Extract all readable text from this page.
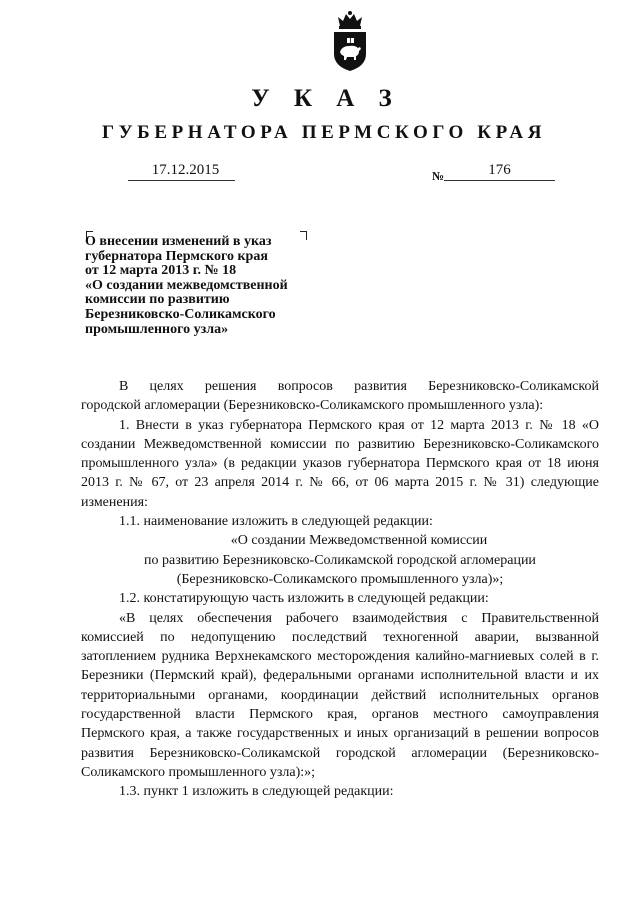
У К А З
ГУБЕРНАТОРА ПЕРМСКОГО КРАЯ
17.12.2015	№	176
О внесении изменений в указ
губернатора Пермского края
от 12 марта 2013 г. № 18
«О создании межведомственной
комиссии по развитию
Березниковско-Соликамского
промышленного узла»
В целях решения вопросов развития Березниковско-Соликамской
городской агломерации (Березниковско-Соликамского промышленного узла):
1. Внести в указ губернатора Пермского края от 12 марта 2013 г. № 18 «О создании Межведомственной комиссии по развитию Березниковско-Соликамского промышленного узла» (в редакции указов губернатора Пермского края от 18 июня 2013 г. № 67, от 23 апреля 2014 г. № 66, от 06 марта 2015 г. № 31) следующие изменения:
1.1. наименование изложить в следующей редакции:
«О создании Межведомственной комиссии
по развитию Березниковско-Соликамской городской агломерации
(Березниковско-Соликамского промышленного узла)»;
1.2. констатирующую часть изложить в следующей редакции:
«В целях обеспечения рабочего взаимодействия с Правительственной комиссией по недопущению последствий техногенной аварии, вызванной затоплением рудника Верхнекамского месторождения калийно-магниевых солей в г. Березники (Пермский край), федеральными органами исполнительной власти и их территориальными органами, координации действий исполнительных органов государственной власти Пермского края, органов местного самоуправления Пермского края, а также государственных и иных организаций в решении вопросов развития Березниковско-Соликамской городской агломерации (Березниковско-Соликамского промышленного узла):»;
1.3. пункт 1 изложить в следующей редакции:
